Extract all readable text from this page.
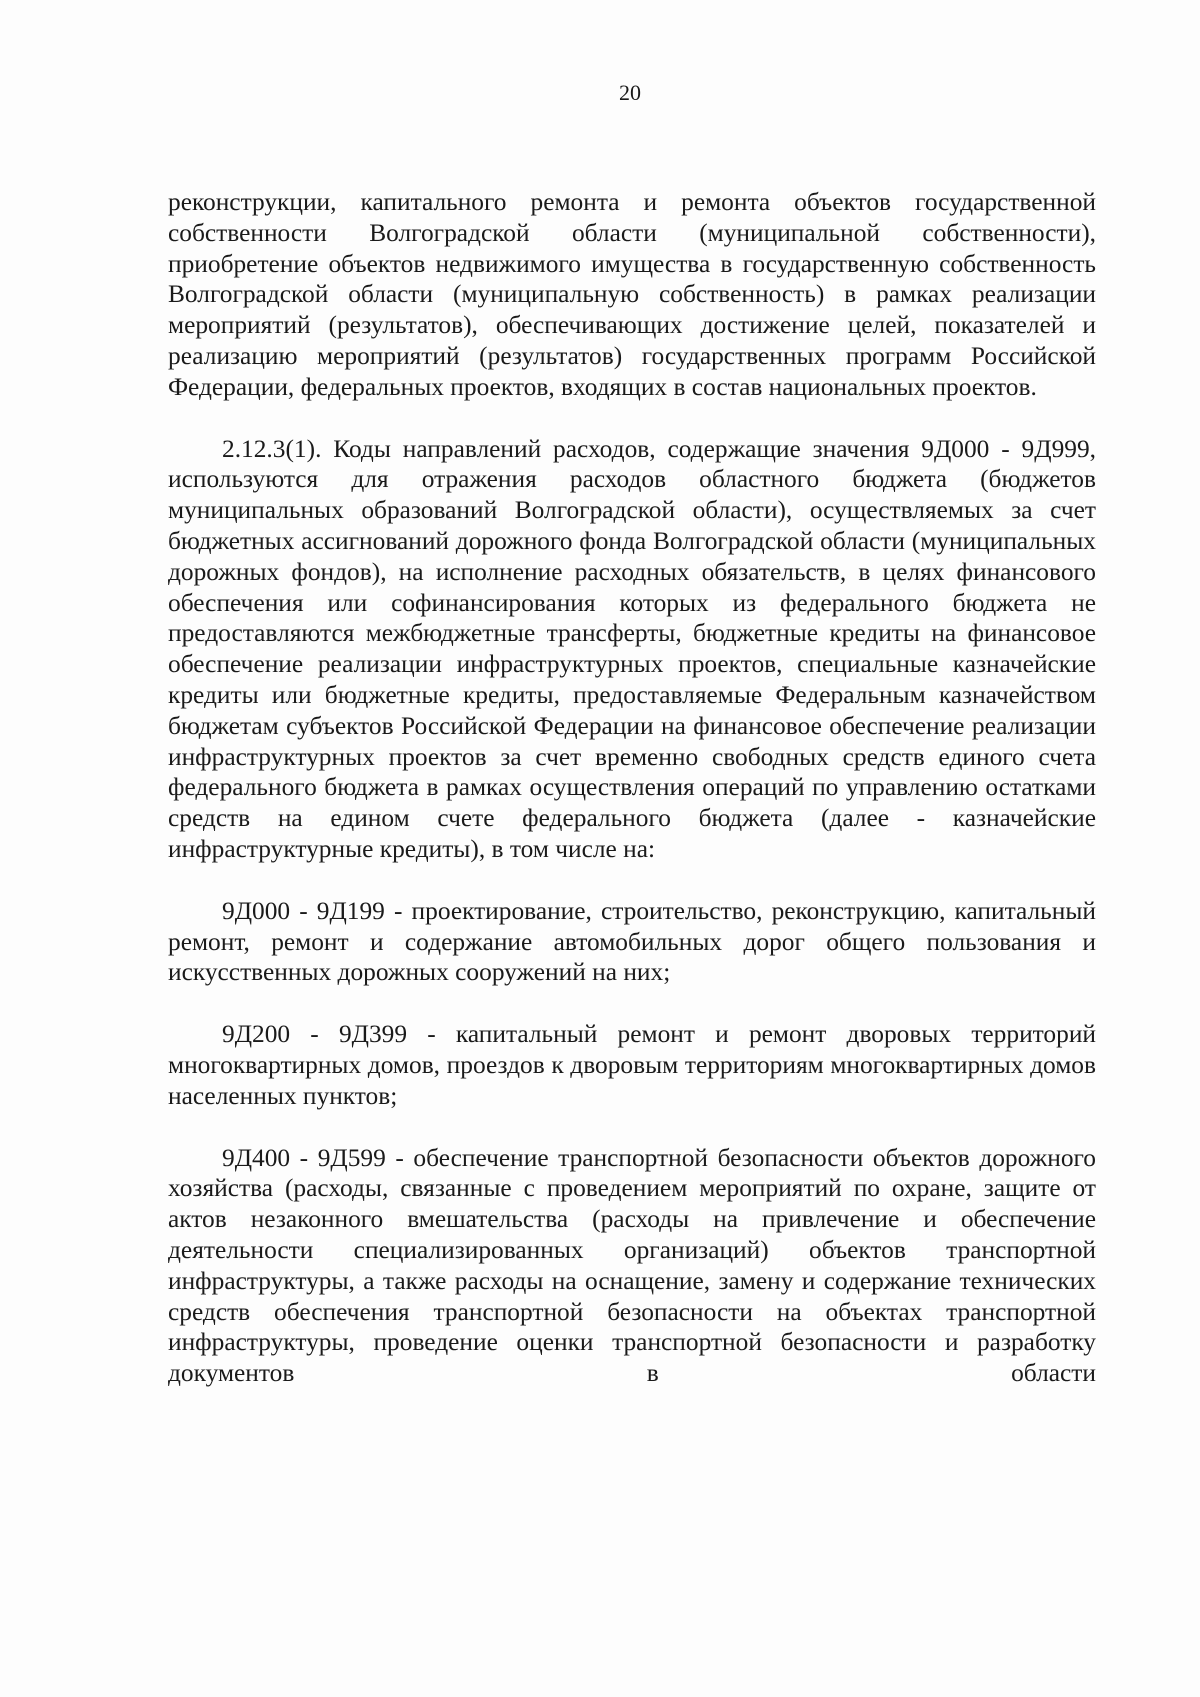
20

реконструкции, капитального ремонта и ремонта объектов государственной собственности Волгоградской области (муниципальной собственности), приобретение объектов недвижимого имущества в государственную собственность Волгоградской области (муниципальную собственность) в рамках реализации мероприятий (результатов), обеспечивающих достижение целей, показателей и реализацию мероприятий (результатов) государственных программ Российской Федерации, федеральных проектов, входящих в состав национальных проектов.

2.12.3(1). Коды направлений расходов, содержащие значения 9Д000 - 9Д999, используются для отражения расходов областного бюджета (бюджетов муниципальных образований Волгоградской области), осуществляемых за счет бюджетных ассигнований дорожного фонда Волгоградской области (муниципальных дорожных фондов), на исполнение расходных обязательств, в целях финансового обеспечения или софинансирования которых из федерального бюджета не предоставляются межбюджетные трансферты, бюджетные кредиты на финансовое обеспечение реализации инфраструктурных проектов, специальные казначейские кредиты или бюджетные кредиты, предоставляемые Федеральным казначейством бюджетам субъектов Российской Федерации на финансовое обеспечение реализации инфраструктурных проектов за счет временно свободных средств единого счета федерального бюджета в рамках осуществления операций по управлению остатками средств на едином счете федерального бюджета (далее - казначейские инфраструктурные кредиты), в том числе на:

9Д000 - 9Д199 - проектирование, строительство, реконструкцию, капитальный ремонт, ремонт и содержание автомобильных дорог общего пользования и искусственных дорожных сооружений на них;

9Д200 - 9Д399 - капитальный ремонт и ремонт дворовых территорий многоквартирных домов, проездов к дворовым территориям многоквартирных домов населенных пунктов;

9Д400 - 9Д599 - обеспечение транспортной безопасности объектов дорожного хозяйства (расходы, связанные с проведением мероприятий по охране, защите от актов незаконного вмешательства (расходы на привлечение и обеспечение деятельности специализированных организаций) объектов транспортной инфраструктуры, а также расходы на оснащение, замену и содержание технических средств обеспечения транспортной безопасности на объектах транспортной инфраструктуры, проведение оценки транспортной безопасности и разработку документов в области
